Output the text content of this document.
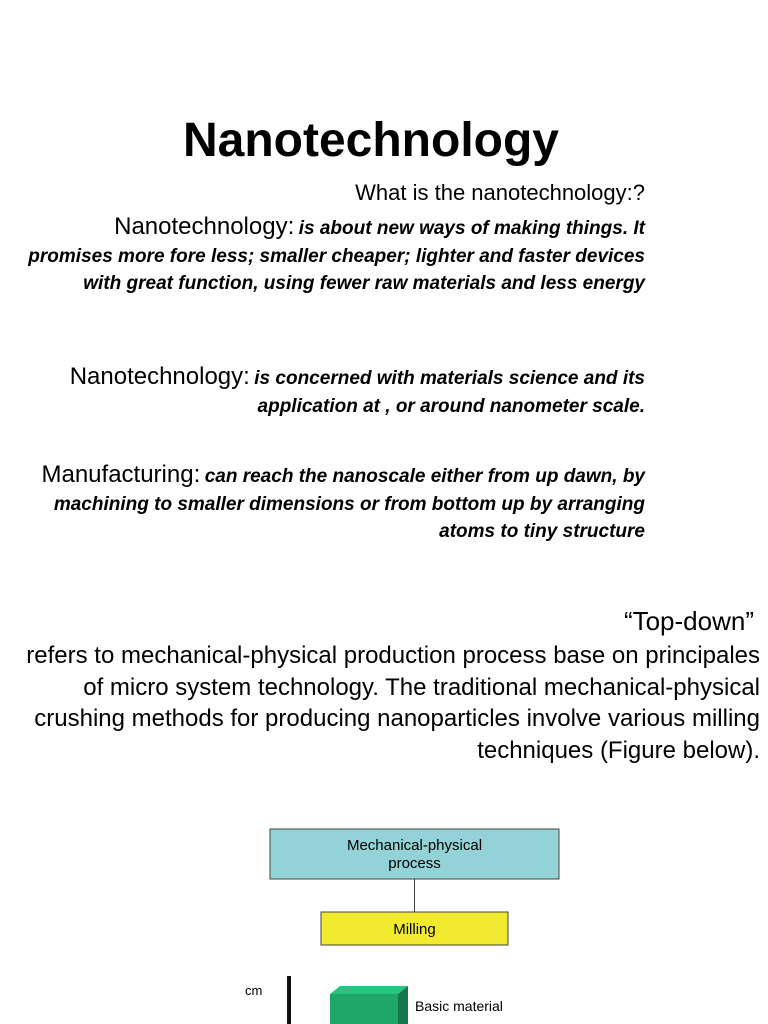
Nanotechnology
What is the nanotechnology:?
Nanotechnology: is about new ways of making things. It promises more fore less; smaller cheaper; lighter and faster devices with great function, using fewer raw materials and less energy
Nanotechnology: is concerned with materials science and its application at , or around nanometer scale.
Manufacturing: can reach the nanoscale either from up dawn, by machining to smaller dimensions or from bottom up by arranging atoms to tiny structure
“Top-down”
refers to mechanical-physical production process base on principales of micro system technology. The traditional mechanical-physical crushing methods for producing nanoparticles involve various milling techniques (Figure below).
Mechanical-physical
process
Milling
cm
Basic material
